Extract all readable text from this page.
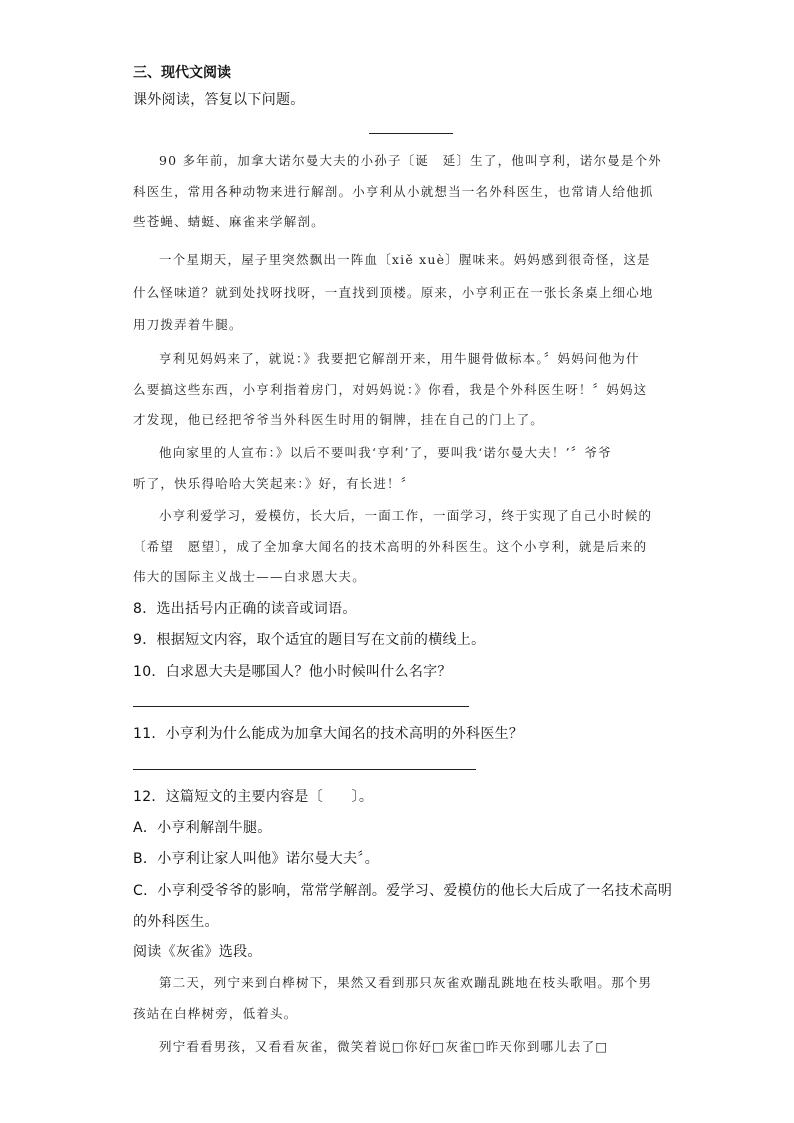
三、现代文阅读
课外阅读，答复以下问题。
90 多年前，加拿大诺尔曼大夫的小孙子〔诞　延〕生了，他叫亨利，诺尔曼是个外
科医生，常用各种动物来进行解剖。小亨利从小就想当一名外科医生，也常请人给他抓
些苍蝇、蜻蜓、麻雀来学解剖。
一个星期天，屋子里突然飘出一阵血〔xiě xuè〕腥味来。妈妈感到很奇怪，这是
什么怪味道？就到处找呀找呀，一直找到顶楼。原来，小亨利正在一张长条桌上细心地
用刀拨弄着牛腿。
亨利见妈妈来了，就说：》我要把它解剖开来，用牛腿骨做标本。〞妈妈问他为什
么要搞这些东西，小亨利指着房门，对妈妈说：》你看，我是个外科医生呀！〞妈妈这
才发现，他已经把爷爷当外科医生时用的铜牌，挂在自己的门上了。
他向家里的人宣布：》以后不要叫我‘亨利’了，要叫我‘诺尔曼大夫！’〞爷爷
听了，快乐得哈哈大笑起来：》好，有长进！〞
小亨利爱学习，爱模仿，长大后，一面工作，一面学习，终于实现了自己小时候的
〔希望　愿望〕，成了全加拿大闻名的技术高明的外科医生。这个小亨利，就是后来的
伟大的国际主义战士——白求恩大夫。
8．选出括号内正确的读音或词语。
9．根据短文内容，取个适宜的题目写在文前的横线上。
10．白求恩大夫是哪国人？他小时候叫什么名字？
11．小亨利为什么能成为加拿大闻名的技术高明的外科医生？
12．这篇短文的主要内容是〔　　〕。
A．小亨利解剖牛腿。
B．小亨利让家人叫他》诺尔曼大夫〞。
C．小亨利受爷爷的影响，常常学解剖。爱学习、爱模仿的他长大后成了一名技术高明
的外科医生。
阅读《灰雀》选段。
第二天，列宁来到白桦树下，果然又看到那只灰雀欢蹦乱跳地在枝头歌唱。那个男
孩站在白桦树旁，低着头。
列宁看看男孩，又看看灰雀，微笑着说□你好□灰雀□昨天你到哪儿去了□
